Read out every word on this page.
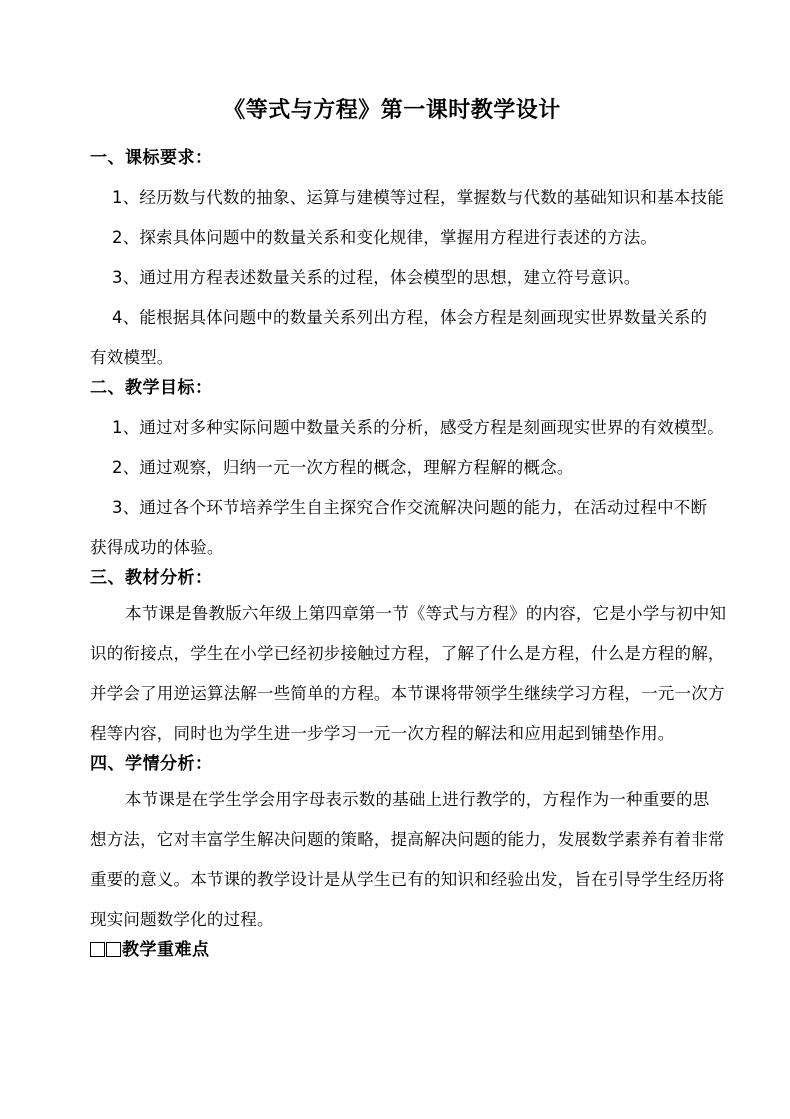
《等式与方程》第一课时教学设计
一、课标要求：
1、经历数与代数的抽象、运算与建模等过程，掌握数与代数的基础知识和基本技能
2、探索具体问题中的数量关系和变化规律，掌握用方程进行表述的方法。
3、通过用方程表述数量关系的过程，体会模型的思想，建立符号意识。
4、能根据具体问题中的数量关系列出方程，体会方程是刻画现实世界数量关系的
有效模型。
二、教学目标：
1、通过对多种实际问题中数量关系的分析，感受方程是刻画现实世界的有效模型。
2、通过观察，归纳一元一次方程的概念，理解方程解的概念。
3、通过各个环节培养学生自主探究合作交流解决问题的能力，在活动过程中不断
获得成功的体验。
三、教材分析：
本节课是鲁教版六年级上第四章第一节《等式与方程》的内容，它是小学与初中知
识的衔接点，学生在小学已经初步接触过方程，了解了什么是方程，什么是方程的解，
并学会了用逆运算法解一些简单的方程。本节课将带领学生继续学习方程，一元一次方
程等内容，同时也为学生进一步学习一元一次方程的解法和应用起到铺垫作用。
四、学情分析：
本节课是在学生学会用字母表示数的基础上进行教学的，方程作为一种重要的思
想方法，它对丰富学生解决问题的策略，提高解决问题的能力，发展数学素养有着非常
重要的意义。本节课的教学设计是从学生已有的知识和经验出发，旨在引导学生经历将
现实问题数学化的过程。
教学重难点
